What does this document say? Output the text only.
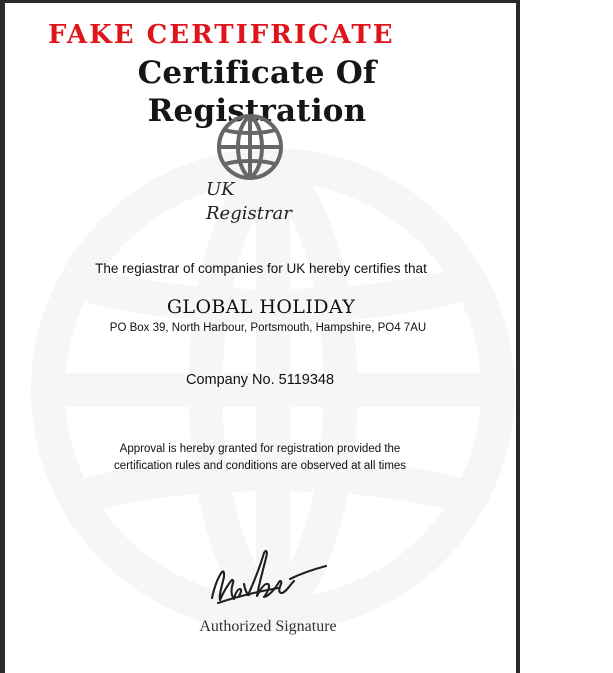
FAKE CERTIFRICATE
Certificate Of Registration
UK Registrar
The regiastrar of companies for UK hereby certifies that
GLOBAL HOLIDAY
PO Box 39, North Harbour, Portsmouth, Hampshire, PO4 7AU
Company No. 5119348
Approval is hereby granted for registration provided the
certification rules and conditions are observed at all times
Authorized Signature
